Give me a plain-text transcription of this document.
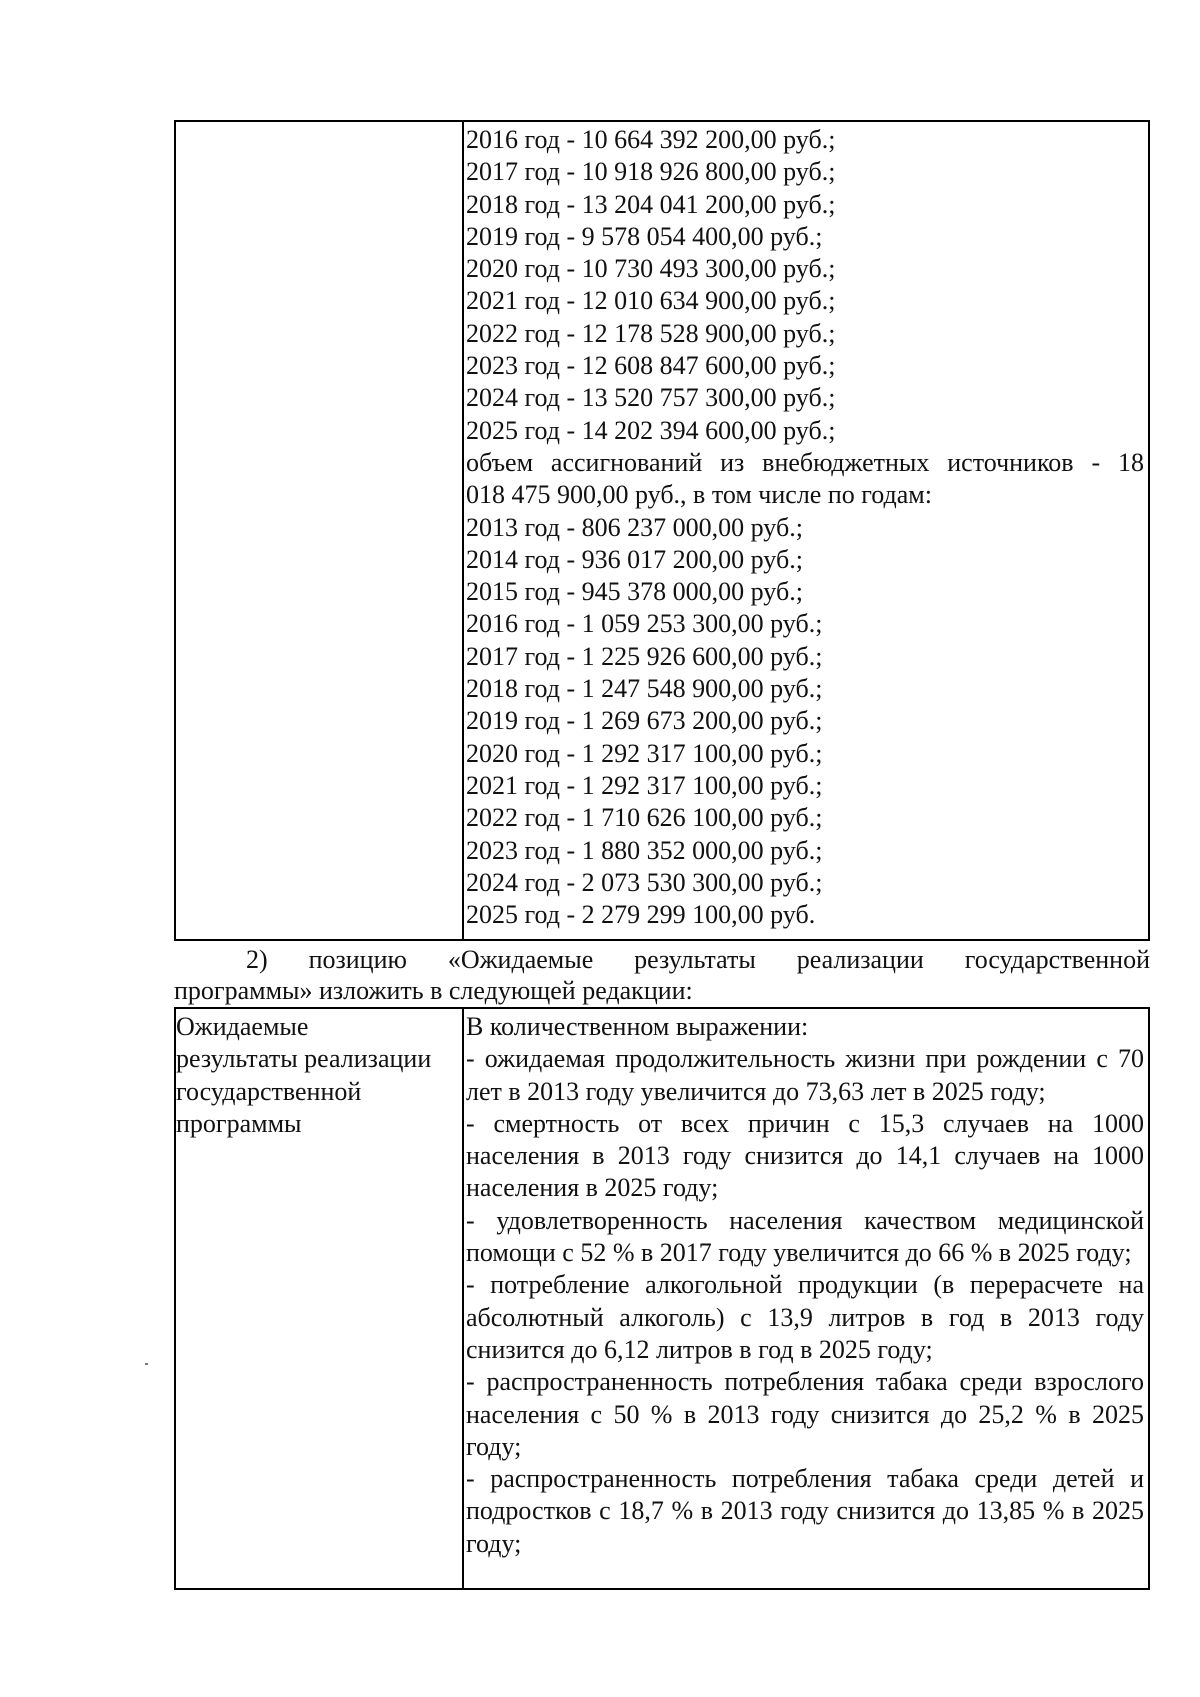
2016 год - 10 664 392 200,00 руб.;
2017 год - 10 918 926 800,00 руб.;
2018 год - 13 204 041 200,00 руб.;
2019 год - 9 578 054 400,00 руб.;
2020 год - 10 730 493 300,00 руб.;
2021 год - 12 010 634 900,00 руб.;
2022 год - 12 178 528 900,00 руб.;
2023 год - 12 608 847 600,00 руб.;
2024 год - 13 520 757 300,00 руб.;
2025 год - 14 202 394 600,00 руб.;
объем ассигнований из внебюджетных источников - 18
018 475 900,00 руб., в том числе по годам:
2013 год - 806 237 000,00 руб.;
2014 год - 936 017 200,00 руб.;
2015 год - 945 378 000,00 руб.;
2016 год - 1 059 253 300,00 руб.;
2017 год - 1 225 926 600,00 руб.;
2018 год - 1 247 548 900,00 руб.;
2019 год - 1 269 673 200,00 руб.;
2020 год - 1 292 317 100,00 руб.;
2021 год - 1 292 317 100,00 руб.;
2022 год - 1 710 626 100,00 руб.;
2023 год - 1 880 352 000,00 руб.;
2024 год - 2 073 530 300,00 руб.;
2025 год - 2 279 299 100,00 руб.
2) позицию «Ожидаемые результаты реализации государственной
программы» изложить в следующей редакции:
Ожидаемые
результаты реализации
государственной
программы
В количественном выражении:
- ожидаемая продолжительность жизни при рождении с 70 лет в 2013 году увеличится до 73,63 лет в 2025 году;
- смертность от всех причин с 15,3 случаев на 1000 населения в 2013 году снизится до 14,1 случаев на 1000 населения в 2025 году;
- удовлетворенность населения качеством медицинской помощи с 52 % в 2017 году увеличится до 66 % в 2025 году;
- потребление алкогольной продукции (в перерасчете на абсолютный алкоголь) с 13,9 литров в год в 2013 году снизится до 6,12 литров в год в 2025 году;
- распространенность потребления табака среди взрослого населения с 50 % в 2013 году снизится до 25,2 % в 2025 году;
- распространенность потребления табака среди детей и подростков с 18,7 % в 2013 году снизится до 13,85 % в 2025 году;
